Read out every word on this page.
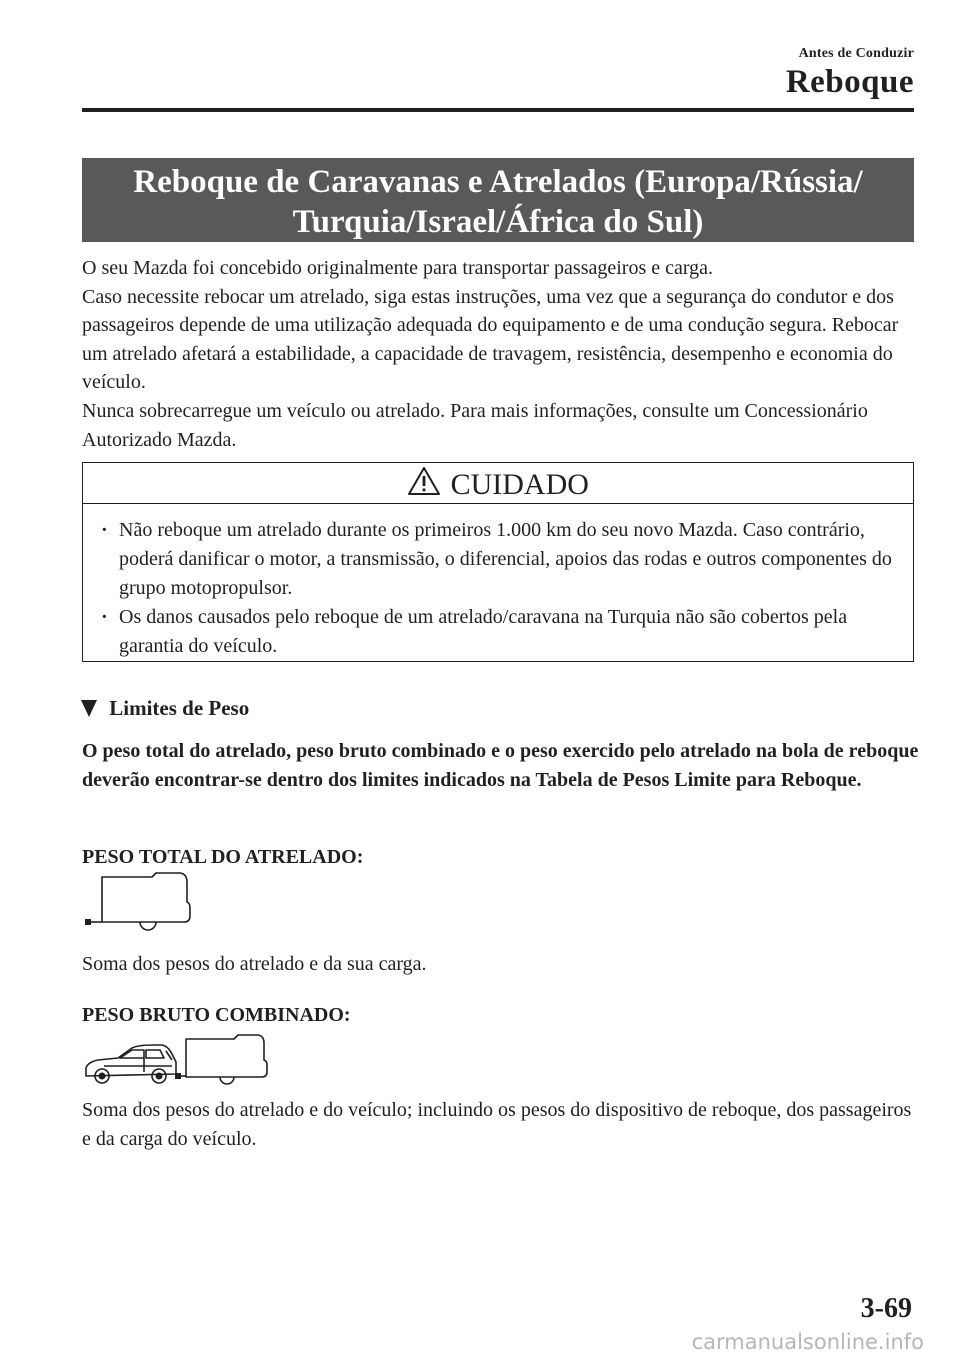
Antes de Conduzir
Reboque
Reboque de Caravanas e Atrelados (Europa/Rússia/
Turquia/Israel/África do Sul)

O seu Mazda foi concebido originalmente para transportar passageiros e carga.

Caso necessite rebocar um atrelado, siga estas instruções, uma vez que a segurança do condutor e dos passageiros depende de uma utilização adequada do equipamento e de uma condução segura. Rebocar um atrelado afetará a estabilidade, a capacidade de travagem, resistência, desempenho e economia do veículo.

Nunca sobrecarregue um veículo ou atrelado. Para mais informações, consulte um Concessionário Autorizado Mazda.

CUIDADO
· Não reboque um atrelado durante os primeiros 1.000 km do seu novo Mazda. Caso contrário, poderá danificar o motor, a transmissão, o diferencial, apoios das rodas e outros componentes do grupo motopropulsor.
· Os danos causados pelo reboque de um atrelado/caravana na Turquia não são cobertos pela garantia do veículo.
Limites de Peso
O peso total do atrelado, peso bruto combinado e o peso exercido pelo atrelado na bola de reboque deverão encontrar-se dentro dos limites indicados na Tabela de Pesos Limite para Reboque.
PESO TOTAL DO ATRELADO:
Soma dos pesos do atrelado e da sua carga.
PESO BRUTO COMBINADO:
Soma dos pesos do atrelado e do veículo; incluindo os pesos do dispositivo de reboque, dos passageiros e da carga do veículo.
3-69
carmanualsonline.info
